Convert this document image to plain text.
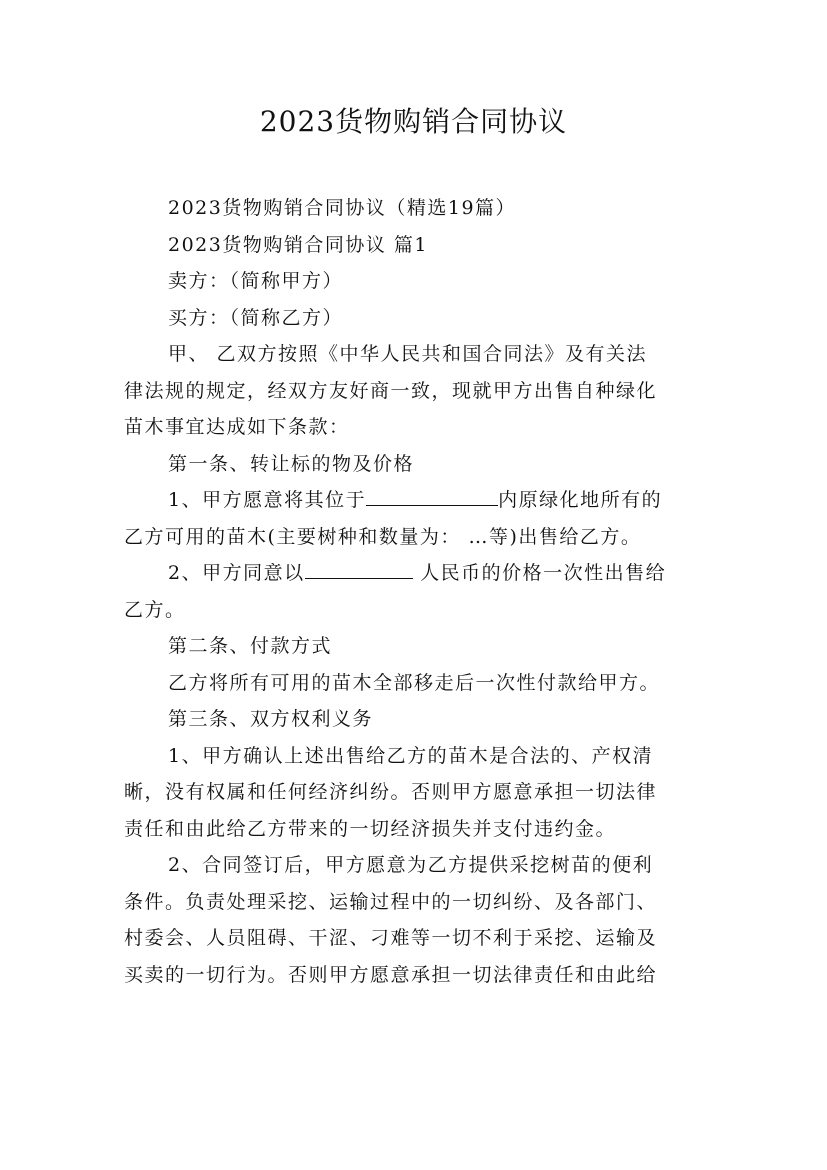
2023货物购销合同协议
2023货物购销合同协议（精选19篇）
2023货物购销合同协议 篇1
卖方：（简称甲方）
买方：（简称乙方）
甲、 乙双方按照《中华人民共和国合同法》及有关法
律法规的规定，经双方友好商一致，现就甲方出售自种绿化
苗木事宜达成如下条款：
第一条、转让标的物及价格
1、甲方愿意将其位于	内原绿化地所有的
乙方可用的苗木(主要树种和数量为： …等)出售给乙方。
2、甲方同意以	人民币的价格一次性出售给
乙方。
第二条、付款方式
乙方将所有可用的苗木全部移走后一次性付款给甲方。
第三条、双方权利义务
1、甲方确认上述出售给乙方的苗木是合法的、产权清
晰，没有权属和任何经济纠纷。否则甲方愿意承担一切法律
责任和由此给乙方带来的一切经济损失并支付违约金。
2、合同签订后，甲方愿意为乙方提供采挖树苗的便利
条件。负责处理采挖、运输过程中的一切纠纷、及各部门、
村委会、人员阻碍、干涩、刁难等一切不利于采挖、运输及
买卖的一切行为。否则甲方愿意承担一切法律责任和由此给
